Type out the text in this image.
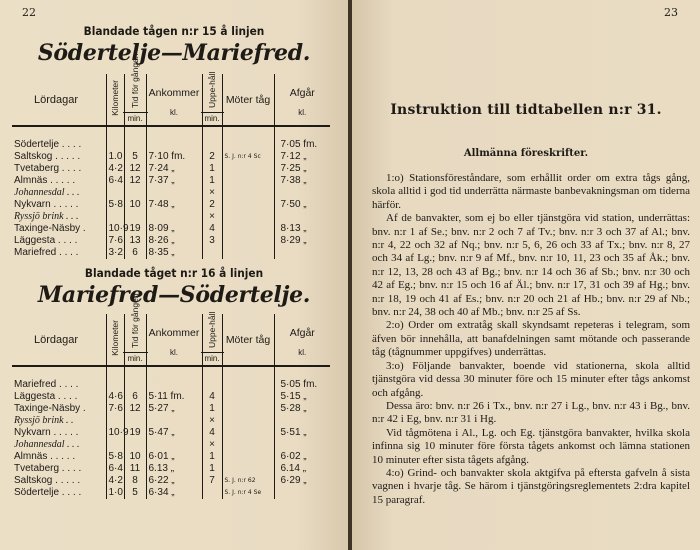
22
Blandade tågen n:r 15 å linjen
Södertelje—Mariefred.
Lördagar	Kilometer	Tid för gången
min.	Ankommer
kl.	Uppe-håll
min.	Möter tåg	Afgår
kl.

Södertelje . . . .						7·05 fm.
Saltskog . . . . .	1.0	5	7·10 fm.	2	S. J. n:r 4 Sc	7·12 „
Tvetaberg . . . .	4·2	12	7·24 „	1		7·25 „
Almnäs . . . . .	6·4	12	7·37 „	1		7·38 „
Johannesdal . . .				×		
Nykvarn . . . . .	5·8	10	7·48 „	2		7·50 „
Ryssjö brink . . .				×		
Taxinge-Näsby .	10·9	19	8·09 „	4		8·13 „
Läggesta . . . .	7·6	13	8·26 „	3		8·29 „
Mariefred . . . .	3·2	6	8·35 „			
Blandade tåget n:r 16 å linjen
Mariefred—Södertelje.
Lördagar	Kilometer	Tid för gången
min.	Ankommer
kl.	Uppe-håll
min.	Möter tåg	Afgår
kl.

Mariefred . . . .						5·05 fm.
Läggesta . . . .	4·6	6	5·11 fm.	4		5·15 „
Taxinge-Näsby .	7·6	12	5·27 „	1		5·28 „
Ryssjö brink . .				×		
Nykvarn . . . . .	10·9	19	5·47 „	4		5·51 „
Johannesdal . . .				×		
Almnäs . . . . .	5·8	10	6·01 „	1		6·02 „
Tvetaberg . . . .	6·4	11	6.13 „	1		6.14 „
Saltskog . . . . .	4·2	8	6·22 „	7	S. J. n:r 62	6·29 „
Södertelje . . . .	1·0	5	6·34 „		S. J. n:r 4 Se	
23
Instruktion till tidtabellen n:r 31.
Allmänna föreskrifter.

1:o) Stationsföreståndare, som erhållit order om extra tågs gång, skola alltid i god tid underrätta närmaste banbevakningsman om tiderna härför.

Af de banvakter, som ej bo eller tjänstgöra vid station, underrättas: bnv. n:r 1 af Se.; bnv. n:r 2 och 7 af Tv.; bnv. n:r 3 och 37 af Al.; bnv. n:r 4, 22 och 32 af Nq.; bnv. n:r 5, 6, 26 och 33 af Tx.; bnv. n:r 8, 27 och 34 af Lg.; bnv. n:r 9 af Mf., bnv. n:r 10, 11, 23 och 35 af Åk.; bnv. n:r 12, 13, 28 och 43 af Bg.; bnv. n:r 14 och 36 af Sb.; bnv. n:r 30 och 42 af Eg.; bnv. n:r 15 och 16 af Äl.; bnv. n:r 17, 31 och 39 af Hg.; bnv. n:r 18, 19 och 41 af Es.; bnv. n:r 20 och 21 af Hb.; bnv. n:r 29 af Nb.; bnv. n:r 24, 38 och 40 af Mb.; bnv. n:r 25 af Ss.

2:o) Order om extratåg skall skyndsamt repeteras i telegram, som äfven bör innehålla, att banafdelningen samt mötande och passerande tåg (tågnummer uppgifves) underrättas.

3:o) Följande banvakter, boende vid stationerna, skola alltid tjänstgöra vid dessa 30 minuter före och 15 minuter efter tågs ankomst och afgång.

Dessa äro: bnv. n:r 26 i Tx., bnv. n:r 27 i Lg., bnv. n:r 43 i Bg., bnv. n:r 42 i Eg, bnv. n:r 31 i Hg.

Vid tågmötena i Al., Lg. och Eg. tjänstgöra banvakter, hvilka skola infinna sig 10 minuter före första tågets ankomst och lämna stationen 10 minuter efter sista tågets afgång.

4:o) Grind- och banvakter skola aktgifva på eftersta gafveln å sista vagnen i hvarje tåg. Se härom i tjänstgöringsreglementets 2:dra kapitel 15 paragraf.
